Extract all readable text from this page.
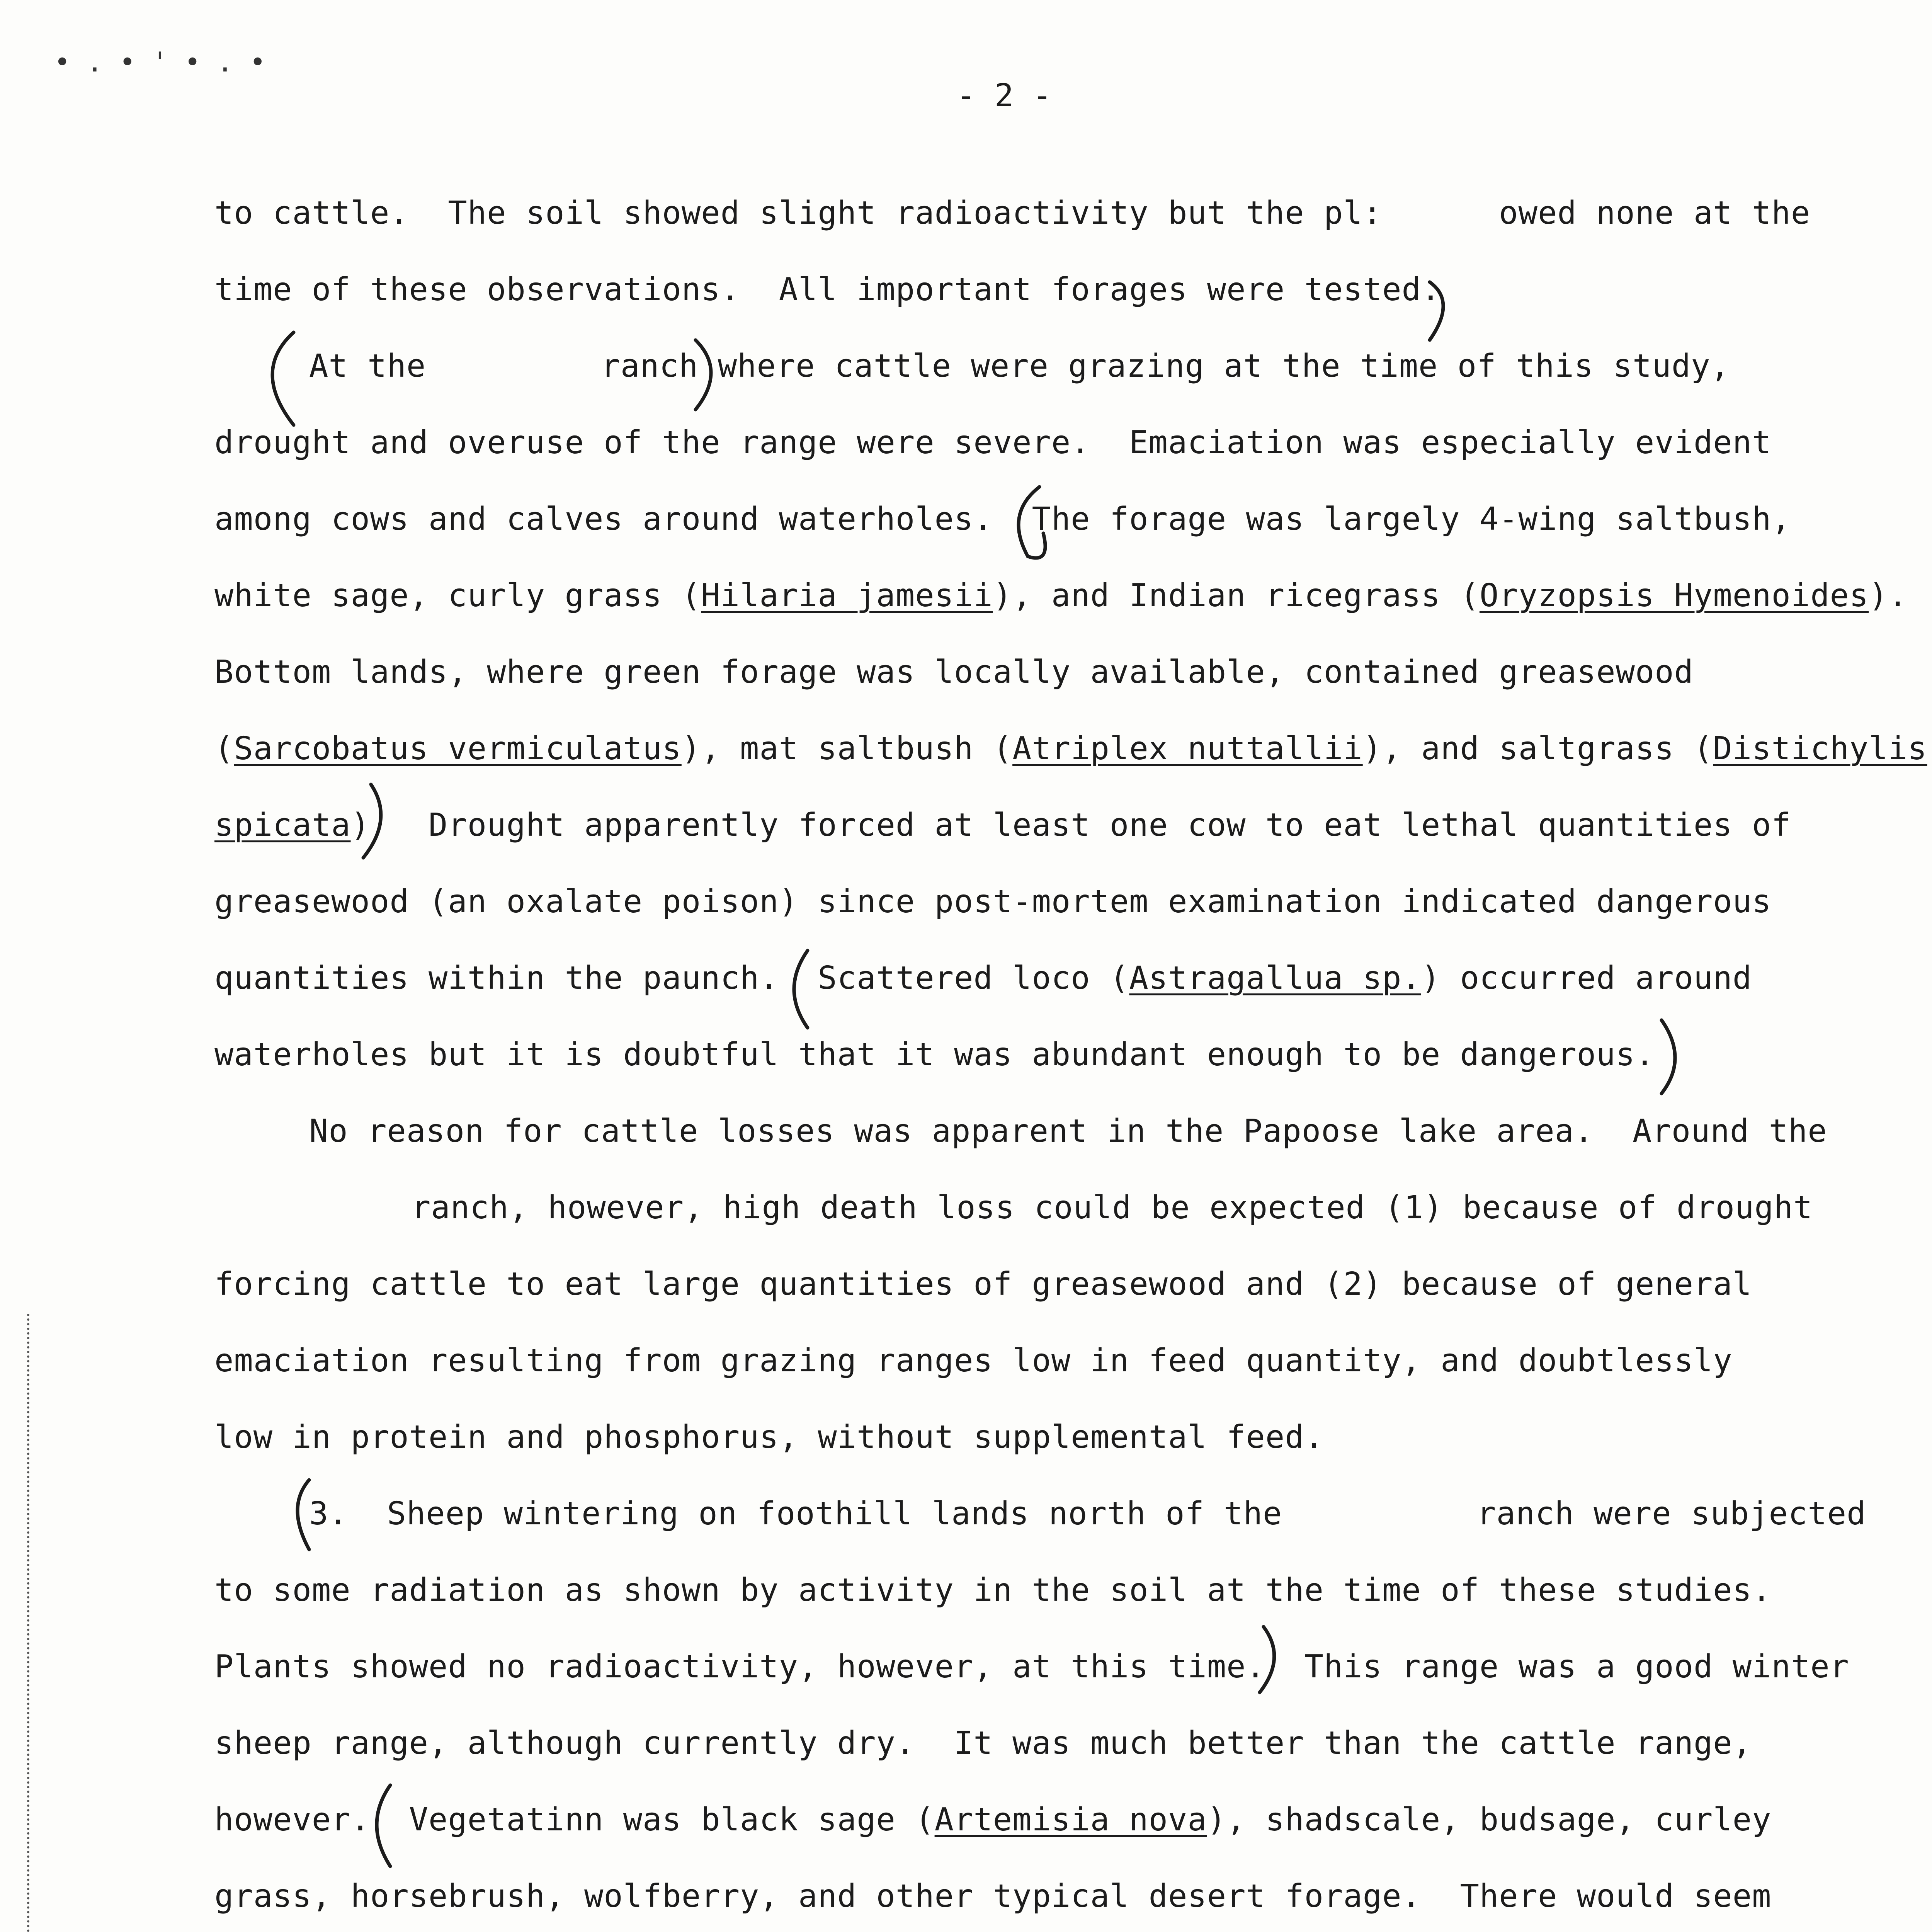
• . • ' • . •
- 2 -
to cattle.  The soil showed slight radioactivity but the pl:      owed none at the
time of these observations.  All important forages were tested.
At the         ranch where cattle were grazing at the time of this study,
drought and overuse of the range were severe.  Emaciation was especially evident
among cows and calves around waterholes.  The forage was largely 4-wing saltbush,
white sage, curly grass (Hilaria jamesii), and Indian ricegrass (Oryzopsis Hymenoides).
Bottom lands, where green forage was locally available, contained greasewood
(Sarcobatus vermiculatus), mat saltbush (Atriplex nuttallii), and saltgrass (Distichylis
spicata)   Drought apparently forced at least one cow to eat lethal quantities of
greasewood (an oxalate poison) since post-mortem examination indicated dangerous
quantities within the paunch.  Scattered loco (Astragallua sp.) occurred around
waterholes but it is doubtful that it was abundant enough to be dangerous.
No reason for cattle losses was apparent in the Papoose lake area.  Around the
ranch, however, high death loss could be expected (1) because of drought
forcing cattle to eat large quantities of greasewood and (2) because of general
emaciation resulting from grazing ranges low in feed quantity, and doubtlessly
low in protein and phosphorus, without supplemental feed.
3.  Sheep wintering on foothill lands north of the          ranch were subjected
to some radiation as shown by activity in the soil at the time of these studies.
Plants showed no radioactivity, however, at this time.  This range was a good winter
sheep range, although currently dry.  It was much better than the cattle range,
however.  Vegetatinn was black sage (Artemisia nova), shadscale, budsage, curley
grass, horsebrush, wolfberry, and other typical desert forage.  There would seem
